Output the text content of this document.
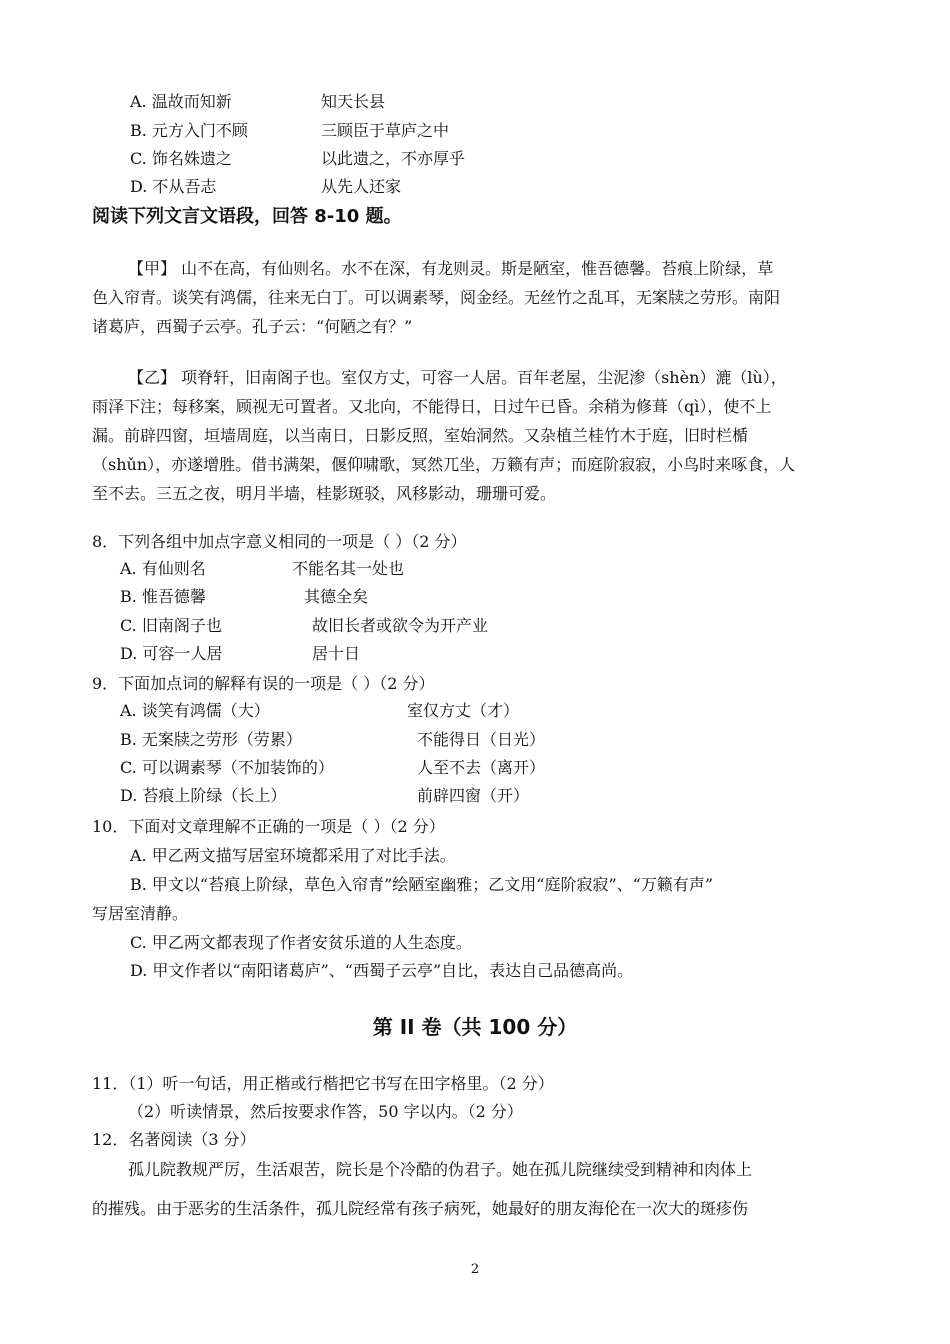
A. 温故而知新	知天长县
B. 元方入门不顾	三顾臣于草庐之中
C. 饰名姝遗之	以此遗之，不亦厚乎
D. 不从吾志	从先人还家
阅读下列文言文语段，回答 8-10 题。
【甲】 山不在高，有仙则名。水不在深，有龙则灵。斯是陋室，惟吾德馨。苔痕上阶绿，草
色入帘青。谈笑有鸿儒，往来无白丁。可以调素琴，阅金经。无丝竹之乱耳，无案牍之劳形。南阳
诸葛庐，西蜀子云亭。孔子云：“何陋之有？”
【乙】 项脊轩，旧南阁子也。室仅方丈，可容一人居。百年老屋，尘泥渗（shèn）漉（lù），
雨泽下注；每移案，顾视无可置者。又北向，不能得日，日过午已昏。余稍为修葺（qì），使不上
漏。前辟四窗，垣墙周庭，以当南日，日影反照，室始洞然。又杂植兰桂竹木于庭，旧时栏楯
（shǔn），亦遂增胜。借书满架，偃仰啸歌，冥然兀坐，万籁有声；而庭阶寂寂，小鸟时来啄食，人
至不去。三五之夜，明月半墙，桂影斑驳，风移影动，珊珊可爱。
8．下列各组中加点字意义相同的一项是（ ）（2 分）
A. 有仙则名	不能名其一处也
B. 惟吾德馨	其德全矣
C. 旧南阁子也	故旧长者或欲令为开产业
D. 可容一人居	居十日
9．下面加点词的解释有误的一项是（ ）（2 分）
A. 谈笑有鸿儒（大）	室仅方丈（才）
B. 无案牍之劳形（劳累）	不能得日（日光）
C. 可以调素琴（不加装饰的）	人至不去（离开）
D. 苔痕上阶绿（长上）	前辟四窗（开）
10．下面对文章理解不正确的一项是（ ）（2 分）
A. 甲乙两文描写居室环境都采用了对比手法。
B. 甲文以“苔痕上阶绿，草色入帘青”绘陋室幽雅；乙文用“庭阶寂寂”、“万籁有声”
写居室清静。
C. 甲乙两文都表现了作者安贫乐道的人生态度。
D. 甲文作者以“南阳诸葛庐”、“西蜀子云亭”自比，表达自己品德高尚。
第 II 卷（共 100 分）
11．（1）听一句话，用正楷或行楷把它书写在田字格里。（2 分）
（2）听读情景，然后按要求作答，50 字以内。（2 分）
12．名著阅读（3 分）
孤儿院教规严厉，生活艰苦，院长是个冷酷的伪君子。她在孤儿院继续受到精神和肉体上
的摧残。由于恶劣的生活条件，孤儿院经常有孩子病死，她最好的朋友海伦在一次大的斑疹伤
2
